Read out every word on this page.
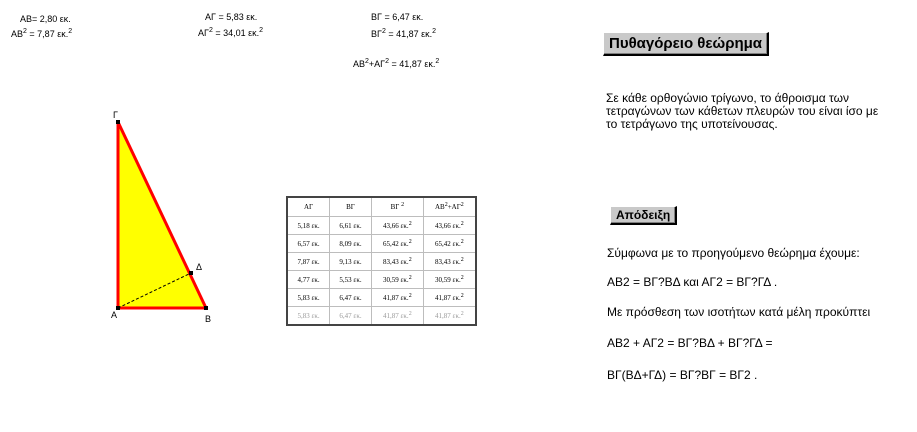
AB= 2,80 εκ.
$AB^2 = 7,87$ εκ.$^2$
ΑΓ = 5,83 εκ.
$A\Gamma^2 = 34,01$ εκ.$^2$
ΒΓ = 6,47 εκ.
$B\Gamma^2 = 41,87$ εκ.$^2$
$AB^2+A\Gamma^2 = 41,87$ εκ.$^2$
Γ
Α	Β
Δ
ΑΓ	ΒΓ	ΒΓ $^2$	$AB^2+A\Gamma^2$
5,18 εκ.	6,61 εκ.	43,66 εκ.$^2$	43,66 εκ.$^2$
6,57 εκ.	8,09 εκ.	65,42 εκ.$^2$	65,42 εκ.$^2$
7,87 εκ.	9,13 εκ.	83,43 εκ.$^2$	83,43 εκ.$^2$
4,77 εκ.	5,53 εκ.	30,59 εκ.$^2$	30,59 εκ.$^2$
5,83 εκ.	6,47 εκ.	41,87 εκ.$^2$	41,87 εκ.$^2$
5,83 εκ.	6,47 εκ.	41,87 εκ.$^2$	41,87 εκ.$^2$
Πυθαγόρειο θεώρημα
Σε κάθε ορθογώνιο τρίγωνο, το άθροισμα των
τετραγώνων των κάθετων πλευρών του είναι ίσο με
το τετράγωνο της υποτείνουσας.
Απόδειξη
Σύμφωνα με το προηγούμενο θεώρημα έχουμε:
ΑΒ2 = ΒΓ?ΒΔ και ΑΓ2 = ΒΓ?ΓΔ .
Με πρόσθεση των ισοτήτων κατά μέλη προκύπτει
ΑΒ2 + ΑΓ2 = ΒΓ?ΒΔ + ΒΓ?ΓΔ =
ΒΓ(ΒΔ+ΓΔ) = ΒΓ?ΒΓ = ΒΓ2 .
